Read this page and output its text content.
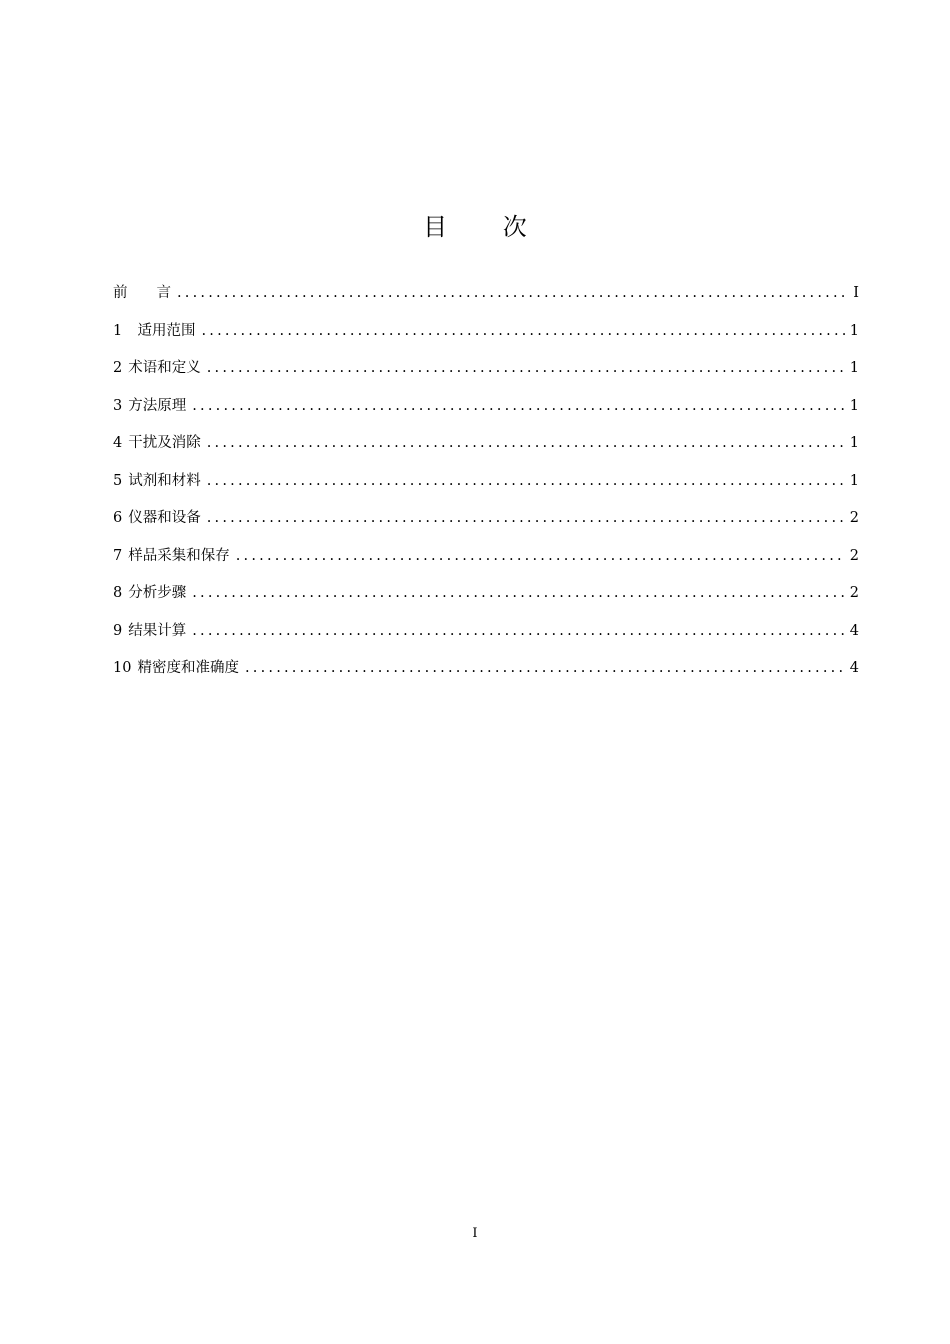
目 次
前　　言 .....	I
1 适用范围 .....	1
2 术语和定义 .....	1
3 方法原理 .....	1
4 干扰及消除 .....	1
5 试剂和材料 .....	1
6 仪器和设备 .....	2
7 样品采集和保存 .....	2
8 分析步骤 .....	2
9 结果计算 .....	4
10 精密度和准确度 .....	4
I
